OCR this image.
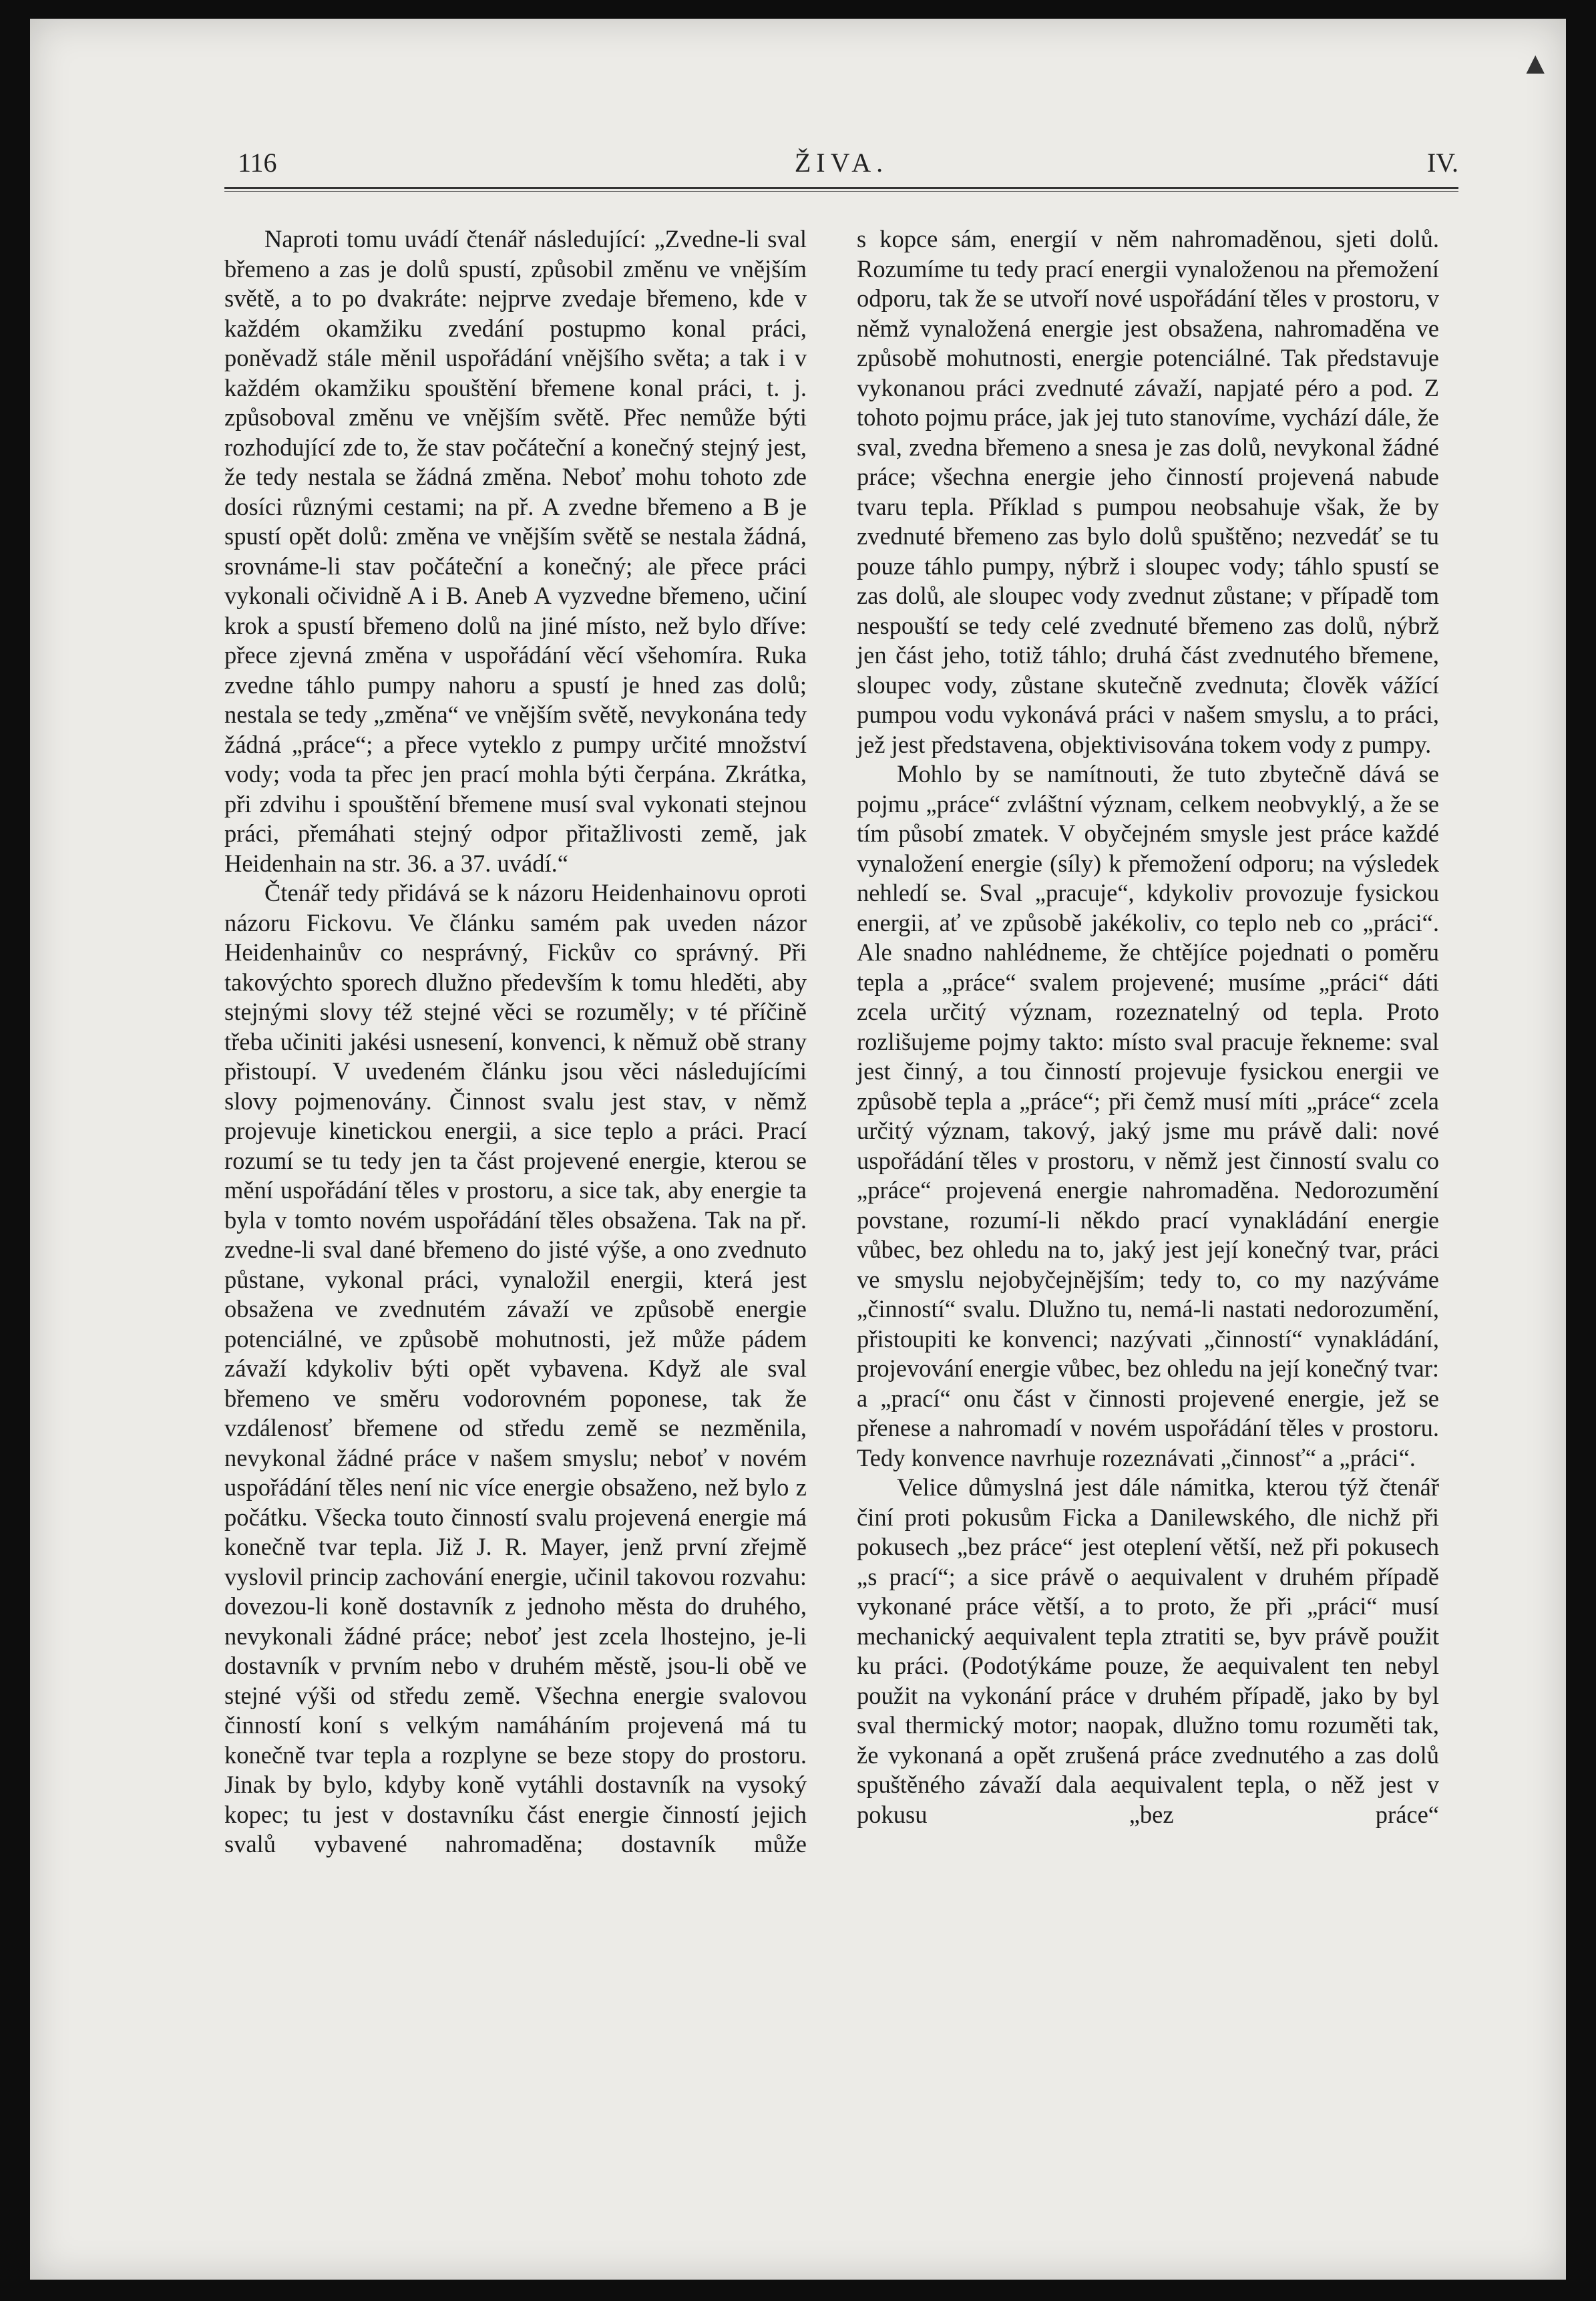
▲
116	ŽIVA.	IV.

Naproti tomu uvádí čtenář následující: „Zvedne-li sval břemeno a zas je dolů spustí, způsobil změnu ve vnějším světě, a to po dvakráte: nejprve zvedaje břemeno, kde v každém okamžiku zvedání postupmo konal práci, poněvadž stále měnil uspořádání vnějšího světa; a tak i v každém okamžiku spouštění břemene konal práci, t. j. způsoboval změnu ve vnějším světě. Přec nemůže býti rozhodující zde to, že stav počáteční a konečný stejný jest, že tedy nestala se žádná změna. Neboť mohu tohoto zde dosíci různými cestami; na př. A zvedne břemeno a B je spustí opět dolů: změna ve vnějším světě se nestala žádná, srovnáme-li stav počáteční a konečný; ale přece práci vykonali očividně A i B. Aneb A vyzvedne břemeno, učiní krok a spustí břemeno dolů na jiné místo, než bylo dříve: přece zjevná změna v uspořádání věcí všehomíra. Ruka zvedne táhlo pumpy nahoru a spustí je hned zas dolů; nestala se tedy „změna“ ve vnějším světě, nevykonána tedy žádná „práce“; a přece vyteklo z pumpy určité množství vody; voda ta přec jen prací mohla býti čerpána. Zkrátka, při zdvihu i spouštění břemene musí sval vykonati stejnou práci, přemáhati stejný odpor přitažlivosti země, jak Heidenhain na str. 36. a 37. uvádí.“

Čtenář tedy přidává se k názoru Heidenhainovu oproti názoru Fickovu. Ve článku samém pak uveden názor Heidenhainův co nesprávný, Fickův co správný. Při takovýchto sporech dlužno především k tomu hleděti, aby stejnými slovy též stejné věci se rozuměly; v té příčině třeba učiniti jakési usnesení, konvenci, k němuž obě strany přistoupí. V uvedeném článku jsou věci následujícími slovy pojmenovány. Činnost svalu jest stav, v němž projevuje kinetickou energii, a sice teplo a práci. Prací rozumí se tu tedy jen ta část projevené energie, kterou se mění uspořádání těles v prostoru, a sice tak, aby energie ta byla v tomto novém uspořádání těles obsažena. Tak na př. zvedne-li sval dané břemeno do jisté výše, a ono zvednuto půstane, vykonal práci, vynaložil energii, která jest obsažena ve zvednutém závaží ve způsobě energie potenciálné, ve způsobě mohutnosti, jež může pádem závaží kdykoliv býti opět vybavena. Když ale sval břemeno ve směru vodorovném poponese, tak že vzdálenosť břemene od středu země se nezměnila, nevykonal žádné práce v našem smyslu; neboť v novém uspořádání těles není nic více energie obsaženo, než bylo z počátku. Všecka touto činností svalu projevená energie má konečně tvar tepla. Již J. R. Mayer, jenž první zřejmě vyslovil princip zachování energie, učinil takovou rozvahu: dovezou-li koně dostavník z jednoho města do druhého, nevykonali žádné práce; neboť jest zcela lhostejno, je-li dostavník v prvním nebo v druhém městě, jsou-li obě ve stejné výši od středu země. Všechna energie svalovou činností koní s velkým namáháním projevená má tu konečně tvar tepla a rozplyne se beze stopy do prostoru. Jinak by bylo, kdyby koně vytáhli dostavník na vysoký kopec; tu jest v dostavníku část energie činností jejich svalů vybavené nahromaděna; dostavník může

s kopce sám, energií v něm nahromaděnou, sjeti dolů. Rozumíme tu tedy prací energii vynaloženou na přemožení odporu, tak že se utvoří nové uspořádání těles v prostoru, v němž vynaložená energie jest obsažena, nahromaděna ve způsobě mohutnosti, energie potenciálné. Tak představuje vykonanou práci zvednuté závaží, napjaté péro a pod. Z tohoto pojmu práce, jak jej tuto stanovíme, vychází dále, že sval, zvedna břemeno a snesa je zas dolů, nevykonal žádné práce; všechna energie jeho činností projevená nabude tvaru tepla. Příklad s pumpou neobsahuje však, že by zvednuté břemeno zas bylo dolů spuštěno; nezvedáť se tu pouze táhlo pumpy, nýbrž i sloupec vody; táhlo spustí se zas dolů, ale sloupec vody zvednut zůstane; v případě tom nespouští se tedy celé zvednuté břemeno zas dolů, nýbrž jen část jeho, totiž táhlo; druhá část zvednutého břemene, sloupec vody, zůstane skutečně zvednuta; člověk vážící pumpou vodu vykonává práci v našem smyslu, a to práci, jež jest představena, objektivisována tokem vody z pumpy.

Mohlo by se namítnouti, že tuto zbytečně dává se pojmu „práce“ zvláštní význam, celkem neobvyklý, a že se tím působí zmatek. V obyčejném smysle jest práce každé vynaložení energie (síly) k přemožení odporu; na výsledek nehledí se. Sval „pracuje“, kdykoliv provozuje fysickou energii, ať ve způsobě jakékoliv, co teplo neb co „práci“. Ale snadno nahlédneme, že chtějíce pojednati o poměru tepla a „práce“ svalem projevené; musíme „práci“ dáti zcela určitý význam, rozeznatelný od tepla. Proto rozlišujeme pojmy takto: místo sval pracuje řekneme: sval jest činný, a tou činností projevuje fysickou energii ve způsobě tepla a „práce“; při čemž musí míti „práce“ zcela určitý význam, takový, jaký jsme mu právě dali: nové uspořádání těles v prostoru, v němž jest činností svalu co „práce“ projevená energie nahromaděna. Nedorozumění povstane, rozumí-li někdo prací vynakládání energie vůbec, bez ohledu na to, jaký jest její konečný tvar, práci ve smyslu nejobyčejnějším; tedy to, co my nazýváme „činností“ svalu. Dlužno tu, nemá-li nastati nedorozumění, přistoupiti ke konvenci; nazývati „činností“ vynakládání, projevování energie vůbec, bez ohledu na její konečný tvar: a „prací“ onu část v činnosti projevené energie, jež se přenese a nahromadí v novém uspořádání těles v prostoru. Tedy konvence navrhuje rozeznávati „činnosť“ a „práci“.

Velice důmyslná jest dále námitka, kterou týž čtenář činí proti pokusům Ficka a Danilewského, dle nichž při pokusech „bez práce“ jest oteplení větší, než při pokusech „s prací“; a sice právě o aequivalent v druhém případě vykonané práce větší, a to proto, že při „práci“ musí mechanický aequivalent tepla ztratiti se, byv právě použit ku práci. (Podotýkáme pouze, že aequivalent ten nebyl použit na vykonání práce v druhém případě, jako by byl sval thermický motor; naopak, dlužno tomu rozuměti tak, že vykonaná a opět zrušená práce zvednutého a zas dolů spuštěného závaží dala aequivalent tepla, o něž jest v pokusu „bez práce“
